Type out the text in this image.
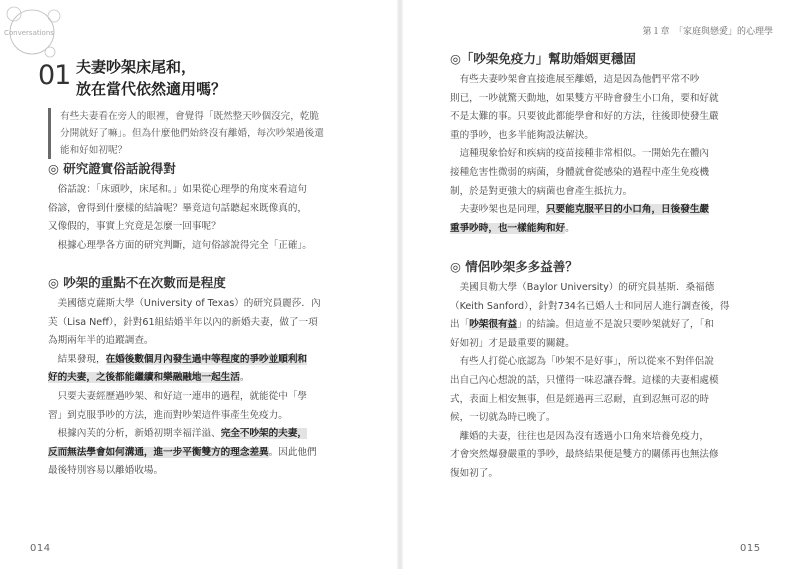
Conversations
01 夫妻吵架床尾和，
放在當代依然適用嗎？
有些夫妻看在旁人的眼裡，會覺得「既然整天吵個沒完，乾脆
分開就好了嘛」。但為什麼他們始終沒有離婚，每次吵架過後還
能和好如初呢？
◎ 研究證實俗話說得對

　俗話說：「床頭吵，床尾和。」如果從心理學的角度來看這句
俗諺，會得到什麼樣的結論呢？畢竟這句話聽起來既像真的，
又像假的，事實上究竟是怎麼一回事呢？

　根據心理學各方面的研究判斷，這句俗諺說得完全「正確」。

◎ 吵架的重點不在次數而是程度

　美國德克薩斯大學（University of Texas）的研究員麗莎．內
芙（Lisa Neff），針對61組結婚半年以內的新婚夫妻，做了一項
為期兩年半的追蹤調查。

　結果發現，在婚後數個月內發生過中等程度的爭吵並順利和
好的夫妻，之後都能繼續和樂融融地一起生活。

　只要夫妻經歷過吵架、和好這一連串的過程，就能從中「學
習」到克服爭吵的方法，進而對吵架這件事產生免疫力。

　根據內芙的分析，新婚初期幸福洋溢、完全不吵架的夫妻，
反而無法學會如何溝通，進一步平衡雙方的理念差異。因此他們
最後特別容易以離婚收場。

014
第１章　「家庭與戀愛」的心理學
◎「吵架免疫力」幫助婚姻更穩固

　有些夫妻吵架會直接進展至離婚，這是因為他們平常不吵
則已，一吵就驚天動地，如果雙方平時會發生小口角，要和好就
不是太難的事。只要彼此都能學會和好的方法，往後即使發生嚴
重的爭吵，也多半能夠設法解決。

　這種現象恰好和疾病的疫苗接種非常相似。一開始先在體內
接種危害性微弱的病菌，身體就會從感染的過程中產生免疫機
制，於是對更強大的病菌也會產生抵抗力。

　夫妻吵架也是同理，只要能克服平日的小口角，日後發生嚴
重爭吵時，也一樣能夠和好。

◎ 情侶吵架多多益善？

　美國貝勒大學（Baylor University）的研究員基斯．桑福德
（Keith Sanford），針對734名已婚人士和同居人進行調查後，得
出「吵架很有益」的結論。但這並不是說只要吵架就好了，「和
好如初」才是最重要的關鍵。

　有些人打從心底認為「吵架不是好事」，所以從來不對伴侶說
出自己內心想說的話，只懂得一味忍讓吞聲。這樣的夫妻相處模
式，表面上相安無事，但是經過再三忍耐，直到忍無可忍的時
候，一切就為時已晚了。

　離婚的夫妻，往往也是因為沒有透過小口角來培養免疫力，
才會突然爆發嚴重的爭吵，最終結果便是雙方的關係再也無法修
復如初了。

015
